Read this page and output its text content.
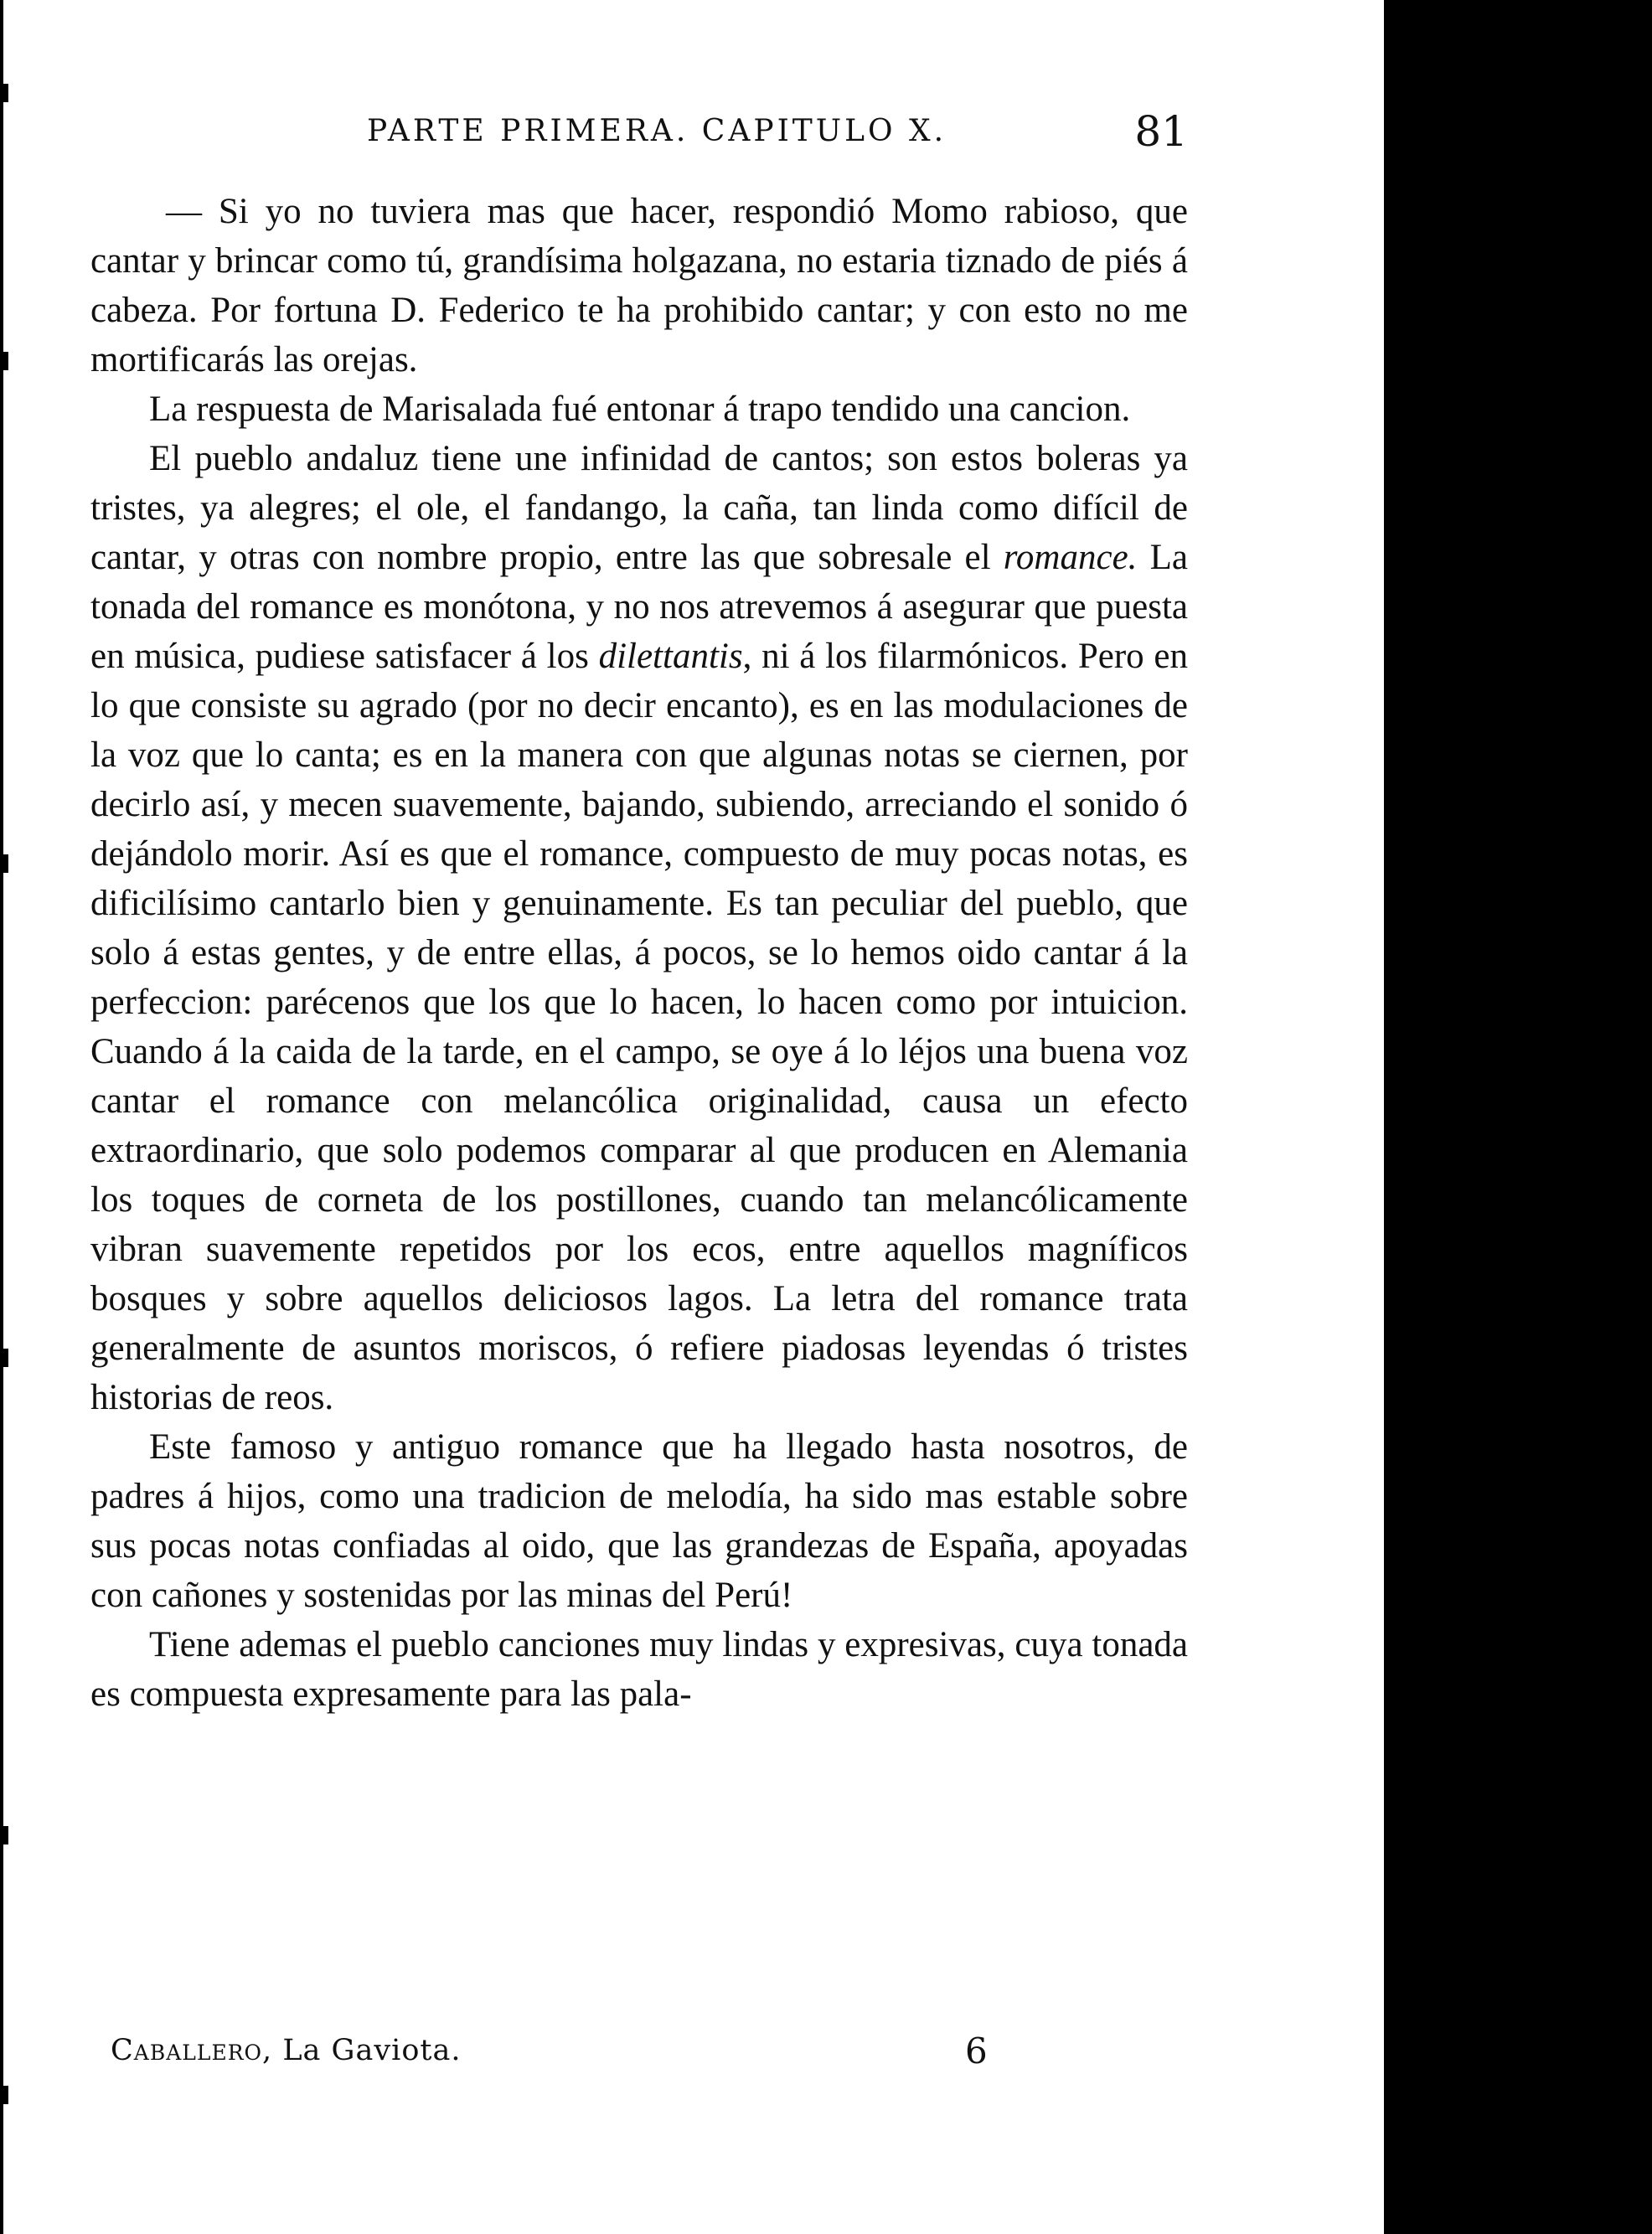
PARTE PRIMERA. CAPITULO X.	81

— Si yo no tuviera mas que hacer, respondió Momo rabioso, que cantar y brincar como tú, grandísima holgazana, no estaria tiznado de piés á cabeza. Por fortuna D. Federico te ha prohibido cantar; y con esto no me mortificarás las orejas.

La respuesta de Marisalada fué entonar á trapo tendido una cancion.

El pueblo andaluz tiene une infinidad de cantos; son estos boleras ya tristes, ya alegres; el ole, el fandango, la caña, tan linda como difícil de cantar, y otras con nombre propio, entre las que sobresale el romance. La tonada del romance es monótona, y no nos atrevemos á asegurar que puesta en música, pudiese satisfacer á los dilettantis, ni á los filarmónicos. Pero en lo que consiste su agrado (por no decir encanto), es en las modulaciones de la voz que lo canta; es en la manera con que algunas notas se ciernen, por decirlo así, y mecen suavemente, bajando, subiendo, arreciando el sonido ó dejándolo morir. Así es que el romance, compuesto de muy pocas notas, es dificilísimo cantarlo bien y genuinamente. Es tan peculiar del pueblo, que solo á estas gentes, y de entre ellas, á pocos, se lo hemos oido cantar á la perfeccion: parécenos que los que lo hacen, lo hacen como por intuicion. Cuando á la caida de la tarde, en el campo, se oye á lo léjos una buena voz cantar el romance con melancólica originalidad, causa un efecto extraordinario, que solo podemos comparar al que producen en Alemania los toques de corneta de los postillones, cuando tan melancólicamente vibran suavemente repetidos por los ecos, entre aquellos magníficos bosques y sobre aquellos deliciosos lagos. La letra del romance trata generalmente de asuntos moriscos, ó refiere piadosas leyendas ó tristes historias de reos.

Este famoso y antiguo romance que ha llegado hasta nosotros, de padres á hijos, como una tradicion de melodía, ha sido mas estable sobre sus pocas notas confiadas al oido, que las grandezas de España, apoyadas con cañones y sostenidas por las minas del Perú!

Tiene ademas el pueblo canciones muy lindas y expresivas, cuya tonada es compuesta expresamente para las pala-

Caballero, La Gaviota.	6
